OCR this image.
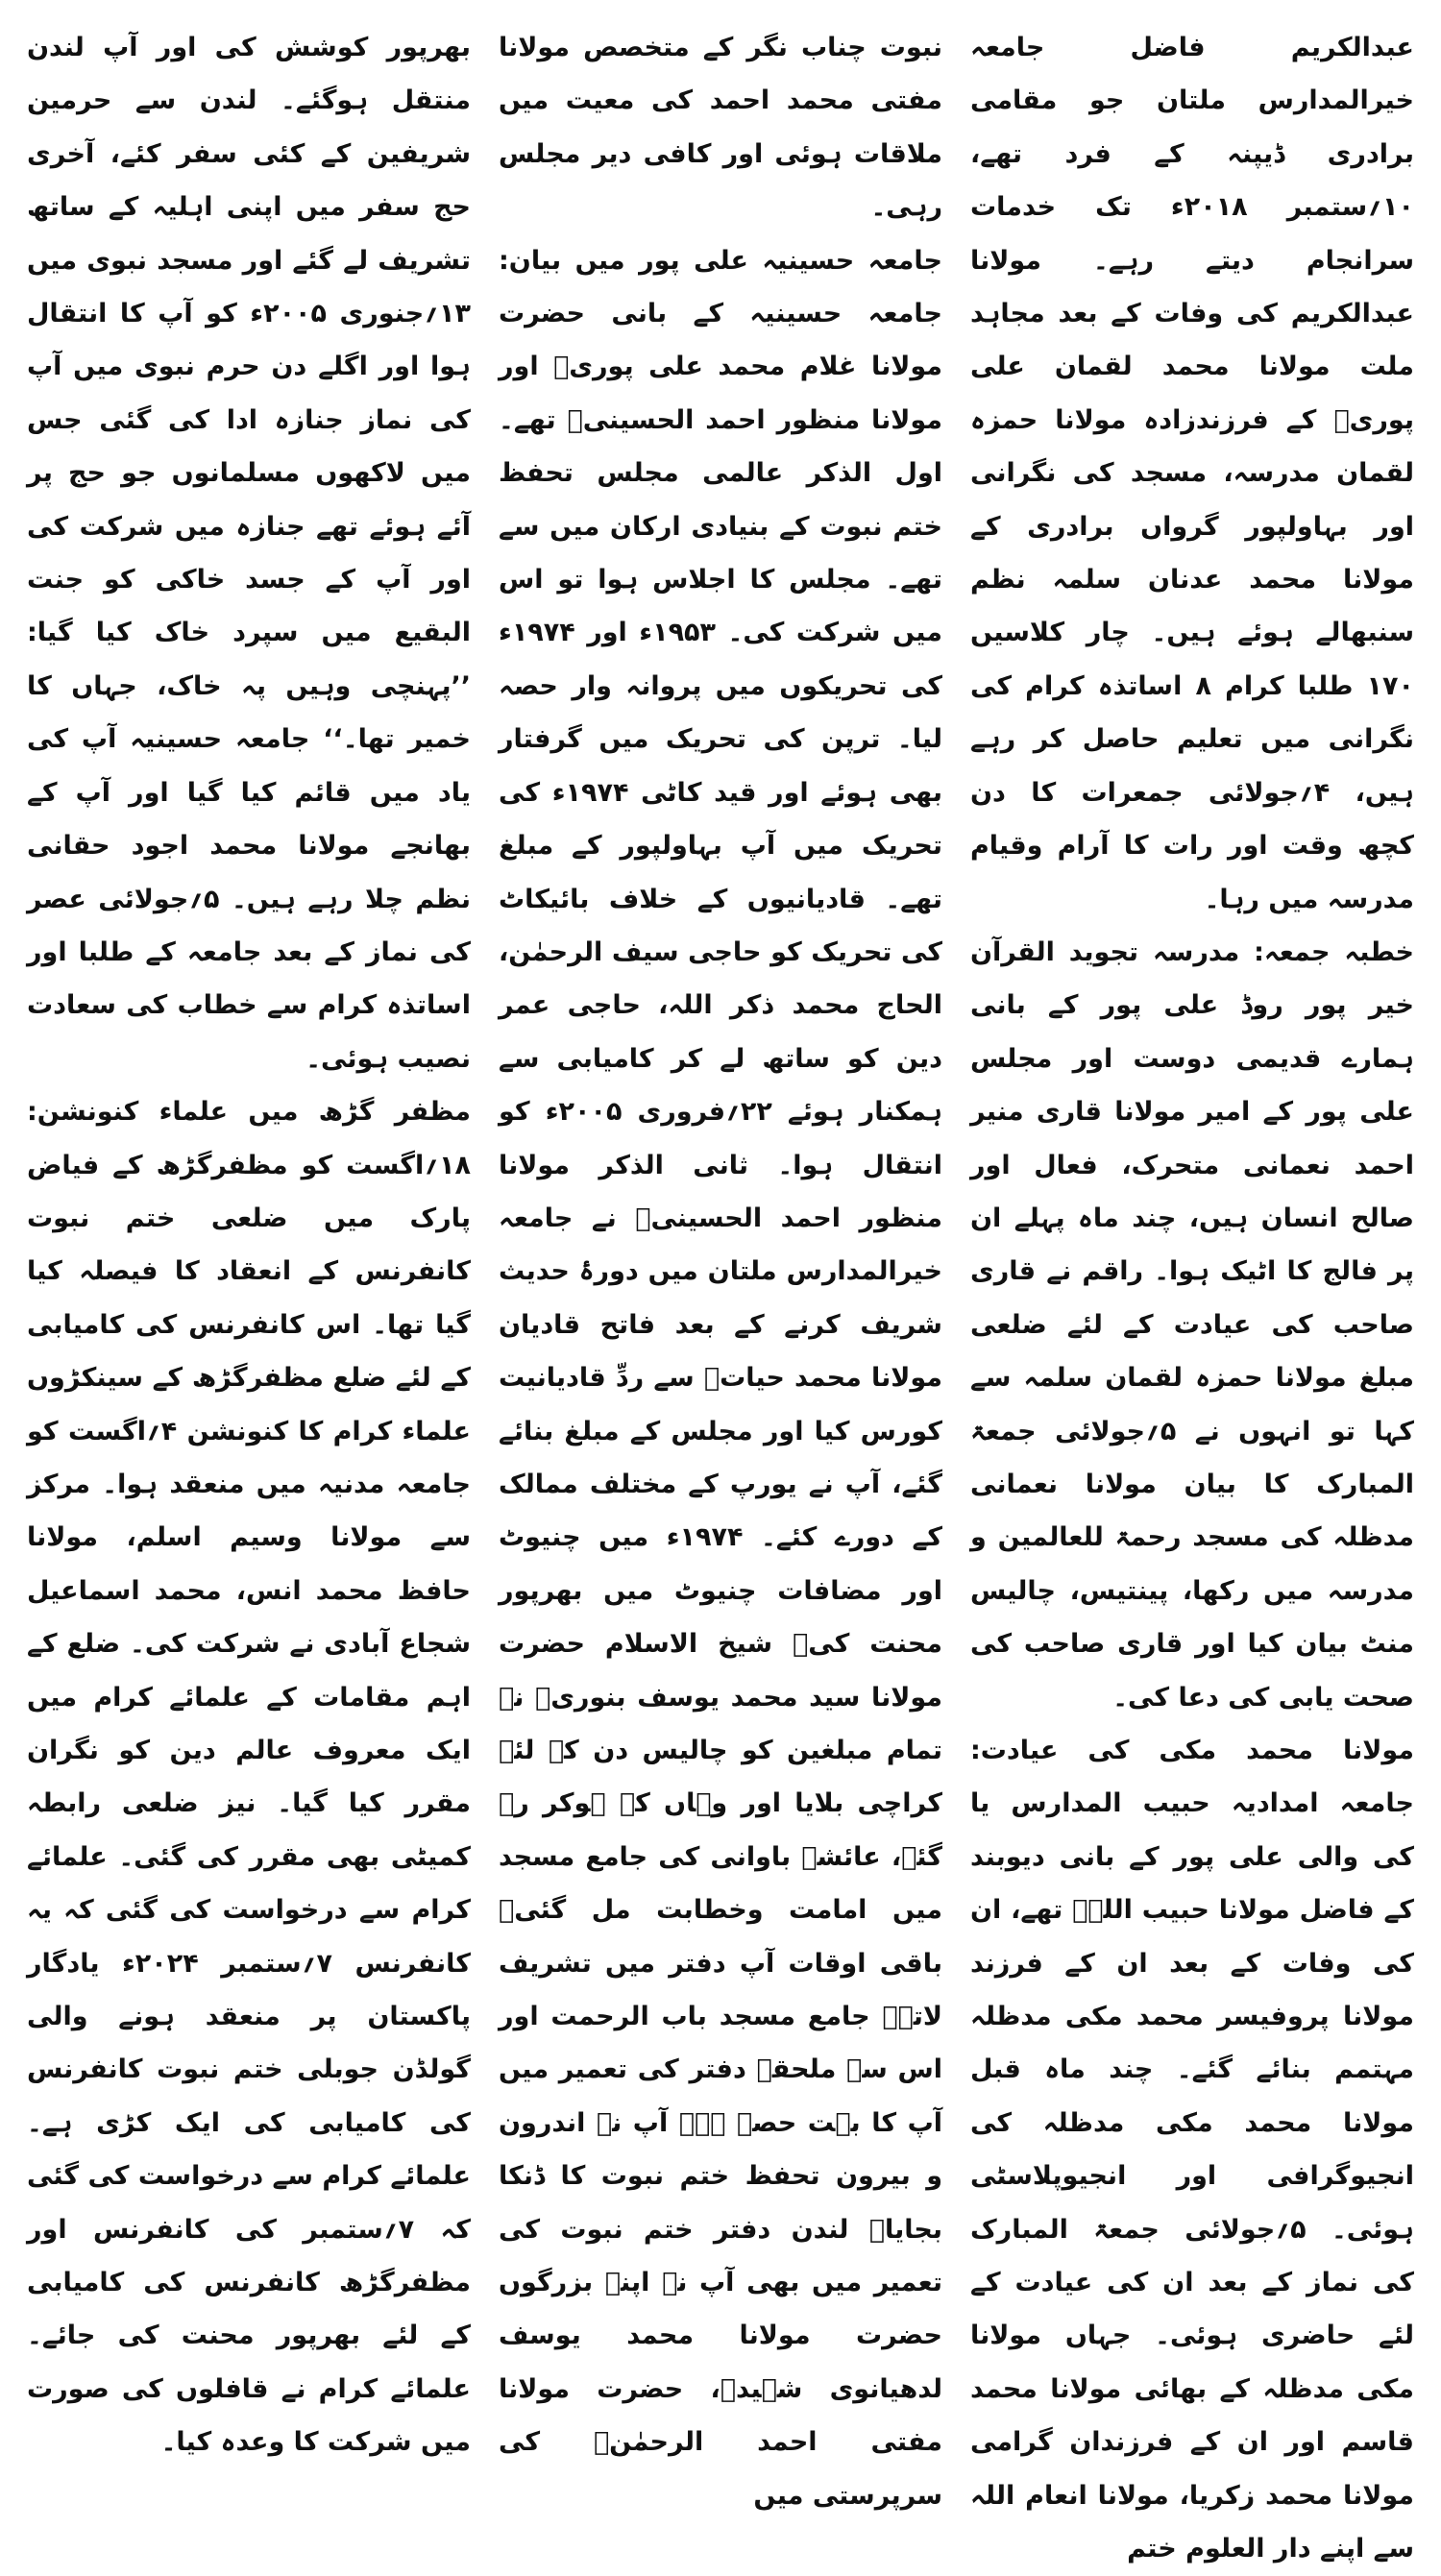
عبدالکریم فاضل جامعہ خیرالمدارس ملتان جو مقامی برادری ڈیپنہ کے فرد تھے، ۱۰؍ستمبر ۲۰۱۸ء تک خدمات سرانجام دیتے رہے۔ مولانا عبدالکریم کی وفات کے بعد مجاہد ملت مولانا محمد لقمان علی پوریؒ کے فرزندزادہ مولانا حمزہ لقمان مدرسہ، مسجد کی نگرانی اور بہاولپور گرواں برادری کے مولانا محمد عدنان سلمہ نظم سنبھالے ہوئے ہیں۔ چار کلاسیں ۱۷۰ طلبا کرام ۸ اساتذہ کرام کی نگرانی میں تعلیم حاصل کر رہے ہیں، ۴؍جولائی جمعرات کا دن کچھ وقت اور رات کا آرام وقیام مدرسہ میں رہا۔

خطبہ جمعہ: مدرسہ تجوید القرآن خیر پور روڈ علی پور کے بانی ہمارے قدیمی دوست اور مجلس علی پور کے امیر مولانا قاری منیر احمد نعمانی متحرک، فعال اور صالح انسان ہیں، چند ماہ پہلے ان پر فالج کا اٹیک ہوا۔ راقم نے قاری صاحب کی عیادت کے لئے ضلعی مبلغ مولانا حمزہ لقمان سلمہ سے کہا تو انہوں نے ۵؍جولائی جمعۃ المبارک کا بیان مولانا نعمانی مدظلہ کی مسجد رحمۃ للعالمین و مدرسہ میں رکھا، پینتیس، چالیس منٹ بیان کیا اور قاری صاحب کی صحت یابی کی دعا کی۔

مولانا محمد مکی کی عیادت: جامعہ امدادیہ حبیب المدارس یا کی والی علی پور کے بانی دیوبند کے فاضل مولانا حبیب اللہؒ تھے، ان کی وفات کے بعد ان کے فرزند مولانا پروفیسر محمد مکی مدظلہ مہتمم بنائے گئے۔ چند ماہ قبل مولانا محمد مکی مدظلہ کی انجیوگرافی اور انجیوپلاسٹی ہوئی۔ ۵؍جولائی جمعۃ المبارک کی نماز کے بعد ان کی عیادت کے لئے حاضری ہوئی۔ جہاں مولانا مکی مدظلہ کے بھائی مولانا محمد قاسم اور ان کے فرزندان گرامی مولانا محمد زکریا، مولانا انعام اللہ سے اپنے دار العلوم ختم

نبوت چناب نگر کے متخصص مولانا مفتی محمد احمد کی معیت میں ملاقات ہوئی اور کافی دیر مجلس رہی۔

جامعہ حسینیہ علی پور میں بیان: جامعہ حسینیہ کے بانی حضرت مولانا غلام محمد علی پوریؒ اور مولانا منظور احمد الحسینیؒ تھے۔ اول الذکر عالمی مجلس تحفظ ختم نبوت کے بنیادی ارکان میں سے تھے۔ مجلس کا اجلاس ہوا تو اس میں شرکت کی۔ ۱۹۵۳ء اور ۱۹۷۴ء کی تحریکوں میں پروانہ وار حصہ لیا۔ ترپن کی تحریک میں گرفتار بھی ہوئے اور قید کاٹی ۱۹۷۴ء کی تحریک میں آپ بہاولپور کے مبلغ تھے۔ قادیانیوں کے خلاف بائیکاٹ کی تحریک کو حاجی سیف الرحمٰن، الحاج محمد ذکر اللہ، حاجی عمر دین کو ساتھ لے کر کامیابی سے ہمکنار ہوئے ۲۲؍فروری ۲۰۰۵ء کو انتقال ہوا۔ ثانی الذکر مولانا منظور احمد الحسینیؒ نے جامعہ خیرالمدارس ملتان میں دورۂ حدیث شریف کرنے کے بعد فاتح قادیان مولانا محمد حیاتؒ سے ردِّ قادیانیت کورس کیا اور مجلس کے مبلغ بنائے گئے، آپ نے یورپ کے مختلف ممالک کے دورے کئے۔ ۱۹۷۴ء میں چنیوٹ اور مضافات چنیوٹ میں بھرپور محنت کی۔ شیخ الاسلام حضرت مولانا سید محمد یوسف بنوریؒ نے تمام مبلغین کو چالیس دن کے لئے کراچی بلایا اور وہاں کے ہوکر رہ گئے، عائشہ باوانی کی جامع مسجد میں امامت وخطابت مل گئی۔ باقی اوقات آپ دفتر میں تشریف لاتے۔ جامع مسجد باب الرحمت اور اس سے ملحقہ دفتر کی تعمیر میں آپ کا بہت حصہ ہے۔ آپ نے اندرون و بیرون تحفظ ختم نبوت کا ڈنکا بجایا۔ لندن دفتر ختم نبوت کی تعمیر میں بھی آپ نے اپنے بزرگوں حضرت مولانا محمد یوسف لدھیانوی شہیدؒ، حضرت مولانا مفتی احمد الرحمٰنؒ کی سرپرستی میں

بھرپور کوشش کی اور آپ لندن منتقل ہوگئے۔ لندن سے حرمین شریفین کے کئی سفر کئے، آخری حج سفر میں اپنی اہلیہ کے ساتھ تشریف لے گئے اور مسجد نبوی میں ۱۳؍جنوری ۲۰۰۵ء کو آپ کا انتقال ہوا اور اگلے دن حرم نبوی میں آپ کی نماز جنازہ ادا کی گئی جس میں لاکھوں مسلمانوں جو حج پر آئے ہوئے تھے جنازہ میں شرکت کی اور آپ کے جسد خاکی کو جنت البقیع میں سپرد خاک کیا گیا: ’’پہنچی وہیں پہ خاک، جہاں کا خمیر تھا۔‘‘ جامعہ حسینیہ آپ کی یاد میں قائم کیا گیا اور آپ کے بھانجے مولانا محمد اجود حقانی نظم چلا رہے ہیں۔ ۵؍جولائی عصر کی نماز کے بعد جامعہ کے طلبا اور اساتذہ کرام سے خطاب کی سعادت نصیب ہوئی۔

مظفر گڑھ میں علماء کنونشن: ۱۸؍اگست کو مظفرگڑھ کے فیاض پارک میں ضلعی ختم نبوت کانفرنس کے انعقاد کا فیصلہ کیا گیا تھا۔ اس کانفرنس کی کامیابی کے لئے ضلع مظفرگڑھ کے سینکڑوں علماء کرام کا کنونشن ۴؍اگست کو جامعہ مدنیہ میں منعقد ہوا۔ مرکز سے مولانا وسیم اسلم، مولانا حافظ محمد انس، محمد اسماعیل شجاع آبادی نے شرکت کی۔ ضلع کے اہم مقامات کے علمائے کرام میں ایک معروف عالم دین کو نگران مقرر کیا گیا۔ نیز ضلعی رابطہ کمیٹی بھی مقرر کی گئی۔ علمائے کرام سے درخواست کی گئی کہ یہ کانفرنس ۷؍ستمبر ۲۰۲۴ء یادگار پاکستان پر منعقد ہونے والی گولڈن جوبلی ختم نبوت کانفرنس کی کامیابی کی ایک کڑی ہے۔ علمائے کرام سے درخواست کی گئی کہ ۷؍ستمبر کی کانفرنس اور مظفرگڑھ کانفرنس کی کامیابی کے لئے بھرپور محنت کی جائے۔ علمائے کرام نے قافلوں کی صورت میں شرکت کا وعدہ کیا۔
